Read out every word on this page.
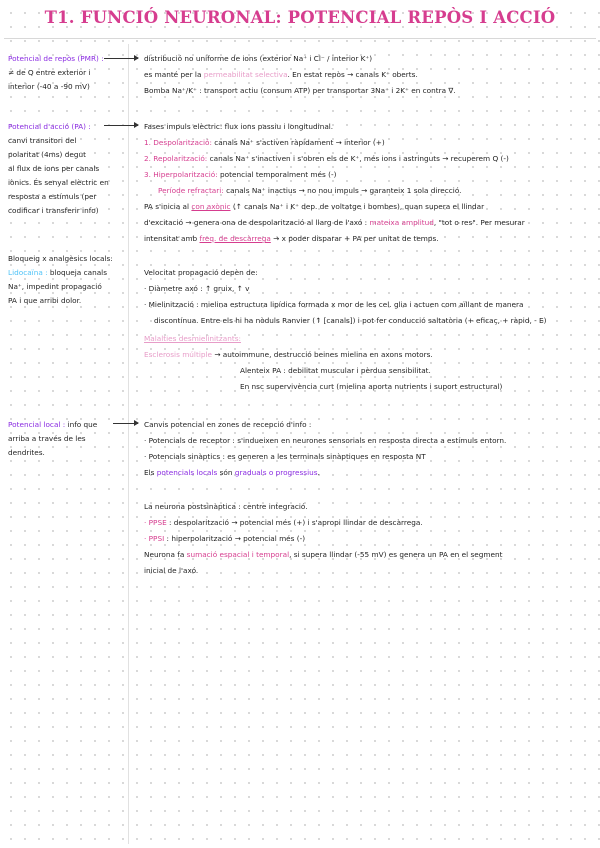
T1. FUNCIÓ NEURONAL: POTENCIAL REPÒS I ACCIÓ
Potencial de repòs (PMR) :
≠ de Q entre exterior i
interior (-40 a -90 mV)
Potencial d'acció (PA) :
canvi transitori del
polaritat (4ms) degut
al flux de ions per canals
iònics. És senyal elèctric en
resposta a estímuls (per
codificar i transferir info)
Bloqueig x analgèsics locals:
Lidocaïna : bloqueja canals
Na⁺, impedint propagació
PA i que arribi dolor.
Potencial local : info que
arriba a través de les
dendrites.
distribució no uniforme de ions (exterior Na⁺ i Cl⁻ / interior K⁺)
es manté per la permeabilitat selectiva. En estat repòs → canals K⁺ oberts.
Bomba Na⁺/K⁺ : transport actiu (consum ATP) per transportar 3Na⁺ i 2K⁺ en contra ∇.
Fases impuls elèctric: flux ions passiu i longitudinal.
1. Despolarització: canals Na⁺ s'activen ràpidament → interior (+)
2. Repolarització: canals Na⁺ s'inactiven i s'obren els de K⁺, més ions i astringuts → recuperem Q (-)
3. Hiperpolarització: potencial temporalment més (-)
Període refractari: canals Na⁺ inactius → no nou impuls → garanteix 1 sola direcció.
PA s'inicia al con axònic (↑ canals Na⁺ i K⁺ dep. de voltatge i bombes), quan supera el llindar
d'excitació → genera ona de despolarització al llarg de l'axó : mateixa amplitud, "tot o res". Per mesurar
intensitat amb freq. de descàrrega → x poder disparar + PA per unitat de temps.
Velocitat propagació depèn de:
· Diàmetre axó : ↑ gruix, ↑ v
· Mielinització : mielina estructura lipídica formada x mor de les cel. glia i actuen com aïllant de manera
discontínua. Entre els hi ha nòduls Ranvier (↑ [canals]) i pot fer conducció saltatòria (+ eficaç, + ràpid, - E)
Malalties desmielinitzants:
Esclerosis múltiple → autoimmune, destrucció beines mielina en axons motors.
Alenteix PA : debilitat muscular i pèrdua sensibilitat.
En nsc supervivència curt (mielina aporta nutrients i suport estructural)
Canvis potencial en zones de recepció d'info :
· Potencials de receptor : s'indueixen en neurones sensorials en resposta directa a estímuls entorn.
· Potencials sinàptics : es generen a les terminals sinàptiques en resposta NT
Els potencials locals són graduals o progressius.
La neurona postsinàptica : centre integració.
· PPSE : despolarització → potencial més (+) i s'apropi llindar de descàrrega.
· PPSI : hiperpolarització → potencial més (-)
Neurona fa sumació espacial i temporal, si supera llindar (-55 mV) es genera un PA en el segment
inicial de l'axó.
